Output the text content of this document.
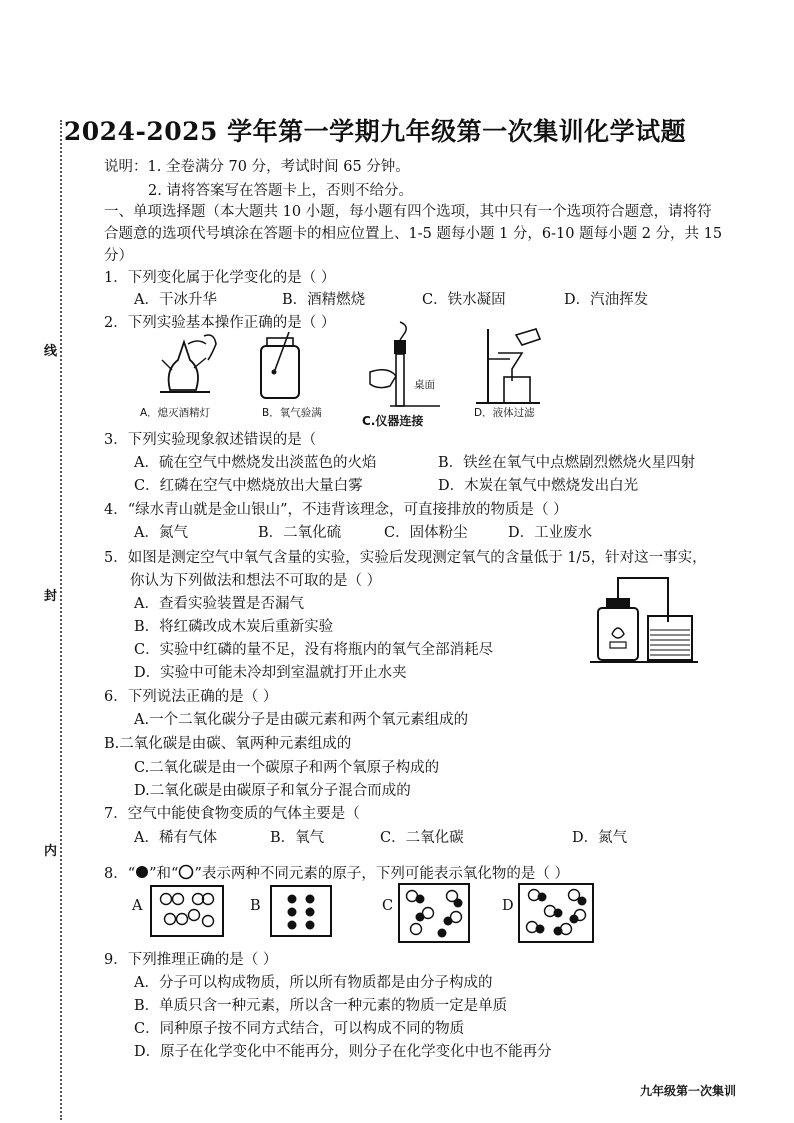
线
封
内
2024-2025 学年第一学期九年级第一次集训化学试题
说明：1. 全卷满分 70 分，考试时间 65 分钟。
2. 请将答案写在答题卡上，否则不给分。
一、单项选择题（本大题共 10 小题，每小题有四个选项，其中只有一个选项符合题意，请将符
合题意的选项代号填涂在答题卡的相应位置上、1-5 题每小题 1 分，6-10 题每小题 2 分，共 15
分）
1．下列变化属于化学变化的是（ ）
A．干冰升华	B．酒精燃烧	C．铁水凝固	D．汽油挥发
2．下列实验基本操作正确的是（ ）
A．熄灭酒精灯	B．氧气验满
桌面
C.仪器连接
D．液体过滤
3．下列实验现象叙述错误的是（
A．硫在空气中燃烧发出淡蓝色的火焰	B．铁丝在氧气中点燃剧烈燃烧火星四射
C．红磷在空气中燃烧放出大量白雾	D．木炭在氧气中燃烧发出白光
4．“绿水青山就是金山银山”，不违背该理念，可直接排放的物质是（ ）
A．氮气	B．二氧化硫	C．固体粉尘	D．工业废水
5．如图是测定空气中氧气含量的实验，实验后发现测定氧气的含量低于 1/5，针对这一事实，
你认为下列做法和想法不可取的是（ ）
A．查看实验装置是否漏气
B．将红磷改成木炭后重新实验
C．实验中红磷的量不足，没有将瓶内的氧气全部消耗尽
D．实验中可能未冷却到室温就打开止水夹
6．下列说法正确的是（ ）
A.一个二氧化碳分子是由碳元素和两个氧元素组成的
B.二氧化碳是由碳、氧两种元素组成的
C.二氧化碳是由一个碳原子和两个氧原子构成的
D.二氧化碳是由碳原子和氧分子混合而成的
7．空气中能使食物变质的气体主要是（
A．稀有气体	B．氧气	C．二氧化碳	D．氮气
8．“ ”和“ ”表示两种不同元素的原子，下列可能表示氧化物的是（ ）
A	B	C	D
9．下列推理正确的是（ ）
A．分子可以构成物质，所以所有物质都是由分子构成的
B．单质只含一种元素，所以含一种元素的物质一定是单质
C．同种原子按不同方式结合，可以构成不同的物质
D．原子在化学变化中不能再分，则分子在化学变化中也不能再分
九年级第一次集训
